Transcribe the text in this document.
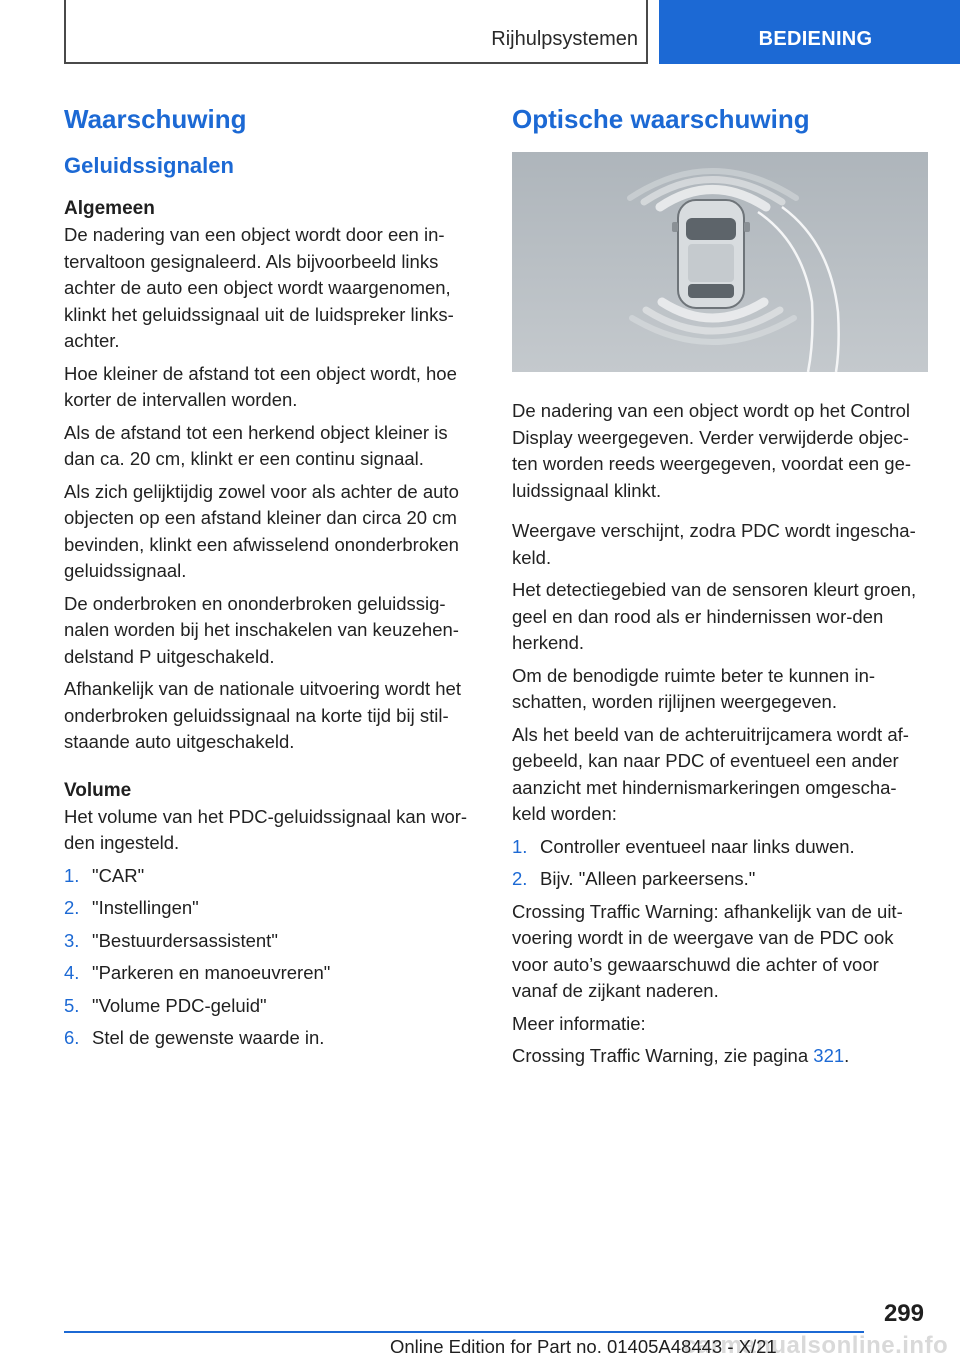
Rijhulpsystemen	BEDIENING
Waarschuwing
Geluidssignalen
Algemeen

De nadering van een object wordt door een in-tervaltoon gesignaleerd. Als bijvoorbeeld links achter de auto een object wordt waargenomen, klinkt het geluidssignaal uit de luidspreker links-achter.

Hoe kleiner de afstand tot een object wordt, hoe korter de intervallen worden.

Als de afstand tot een herkend object kleiner is dan ca. 20 cm, klinkt er een continu signaal.

Als zich gelijktijdig zowel voor als achter de auto objecten op een afstand kleiner dan circa 20 cm bevinden, klinkt een afwisselend ononderbroken geluidssignaal.

De onderbroken en ononderbroken geluidssig-nalen worden bij het inschakelen van keuzehen-delstand P uitgeschakeld.

Afhankelijk van de nationale uitvoering wordt het onderbroken geluidssignaal na korte tijd bij stil-staande auto uitgeschakeld.

Volume

Het volume van het PDC-geluidssignaal kan wor-den ingesteld.

1. "CAR"
2. "Instellingen"
3. "Bestuurdersassistent"
4. "Parkeren en manoeuvreren"
5. "Volume PDC-geluid"
6. Stel de gewenste waarde in.
Optische waarschuwing

De nadering van een object wordt op het Control Display weergegeven. Verder verwijderde objec-ten worden reeds weergegeven, voordat een ge-luidssignaal klinkt.

Weergave verschijnt, zodra PDC wordt ingescha-keld.

Het detectiegebied van de sensoren kleurt groen, geel en dan rood als er hindernissen wor-den herkend.

Om de benodigde ruimte beter te kunnen in-schatten, worden rijlijnen weergegeven.

Als het beeld van de achteruitrijcamera wordt af-gebeeld, kan naar PDC of eventueel een ander aanzicht met hindernismarkeringen omgescha-keld worden:

1. Controller eventueel naar links duwen.
2. Bijv. "Alleen parkeersens."

Crossing Traffic Warning: afhankelijk van de uit-voering wordt in de weergave van de PDC ook voor auto’s gewaarschuwd die achter of voor vanaf de zijkant naderen.

Meer informatie:

Crossing Traffic Warning, zie pagina 321.

299
carmanualsonline.info
Online Edition for Part no. 01405A48443 - X/21
